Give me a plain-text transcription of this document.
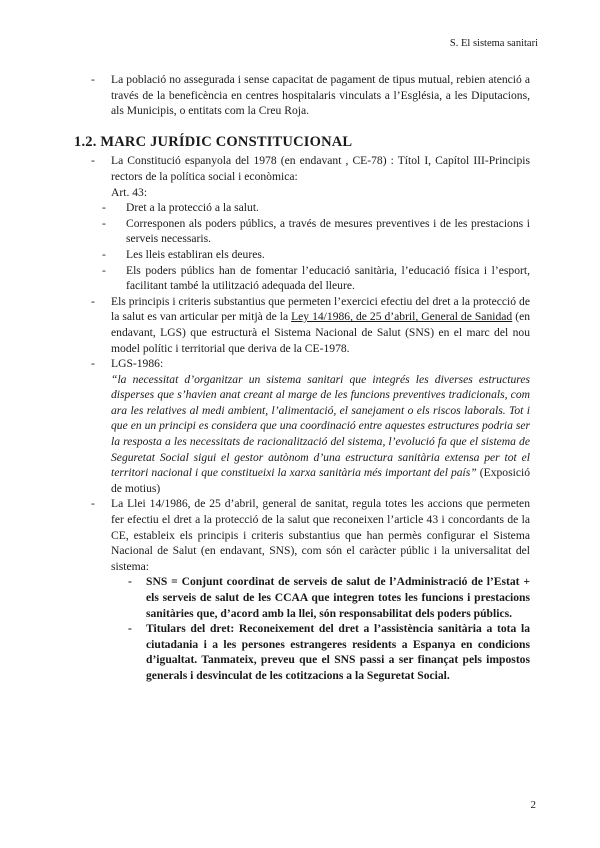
S. El sistema sanitari
- La població no assegurada i sense capacitat de pagament de tipus mutual, rebien atenció a través de la beneficència en centres hospitalaris vinculats a l’Església, a les Diputacions, als Municipis, o entitats com la Creu Roja.
1.2. MARC JURÍDIC CONSTITUCIONAL
- La Constitució espanyola del 1978 (en endavant , CE-78) : Títol I, Capítol III-Principis rectors de la política social i econòmica:
Art. 43:
- Dret a la protecció a la salut.
- Corresponen als poders públics, a través de mesures preventives i de les prestacions i serveis necessaris.
- Les lleis establiran els deures.
- Els poders públics han de fomentar l’educació sanitària, l’educació física i l’esport, facilitant també la utilització adequada del lleure.
- Els principis i criteris substantius que permeten l’exercici efectiu del dret a la protecció de la salut es van articular per mitjà de la Ley 14/1986, de 25 d’abril, General de Sanidad (en endavant, LGS) que estructurà el Sistema Nacional de Salut (SNS) en el marc del nou model polític i territorial que deriva de la CE-1978.
- LGS-1986:
“la necessitat d’organitzar un sistema sanitari que integrés les diverses estructures disperses que s’havien anat creant al marge de les funcions preventives tradicionals, com ara les relatives al medi ambient, l’alimentació, el sanejament o els riscos laborals. Tot i que en un principi es considera que una coordinació entre aquestes estructures podria ser la resposta a les necessitats de racionalització del sistema, l’evolució fa que el sistema de Seguretat Social sigui el gestor autònom d’una estructura sanitària extensa per tot el territori nacional i que constitueixi la xarxa sanitària més important del país” (Exposició de motius)
- La Llei 14/1986, de 25 d’abril, general de sanitat, regula totes les accions que permeten fer efectiu el dret a la protecció de la salut que reconeixen l’article 43 i concordants de la CE, estableix els principis i criteris substantius que han permès configurar el Sistema Nacional de Salut (en endavant, SNS), com són el caràcter públic i la universalitat del sistema:
- SNS = Conjunt coordinat de serveis de salut de l’Administració de l’Estat + els serveis de salut de les CCAA que integren totes les funcions i prestacions sanitàries que, d’acord amb la llei, són responsabilitat dels poders públics.
- Titulars del dret: Reconeixement del dret a l’assistència sanitària a tota la ciutadania i a les persones estrangeres residents a Espanya en condicions d’igualtat. Tanmateix, preveu que el SNS passi a ser finançat pels impostos generals i desvinculat de les cotitzacions a la Seguretat Social.
2
